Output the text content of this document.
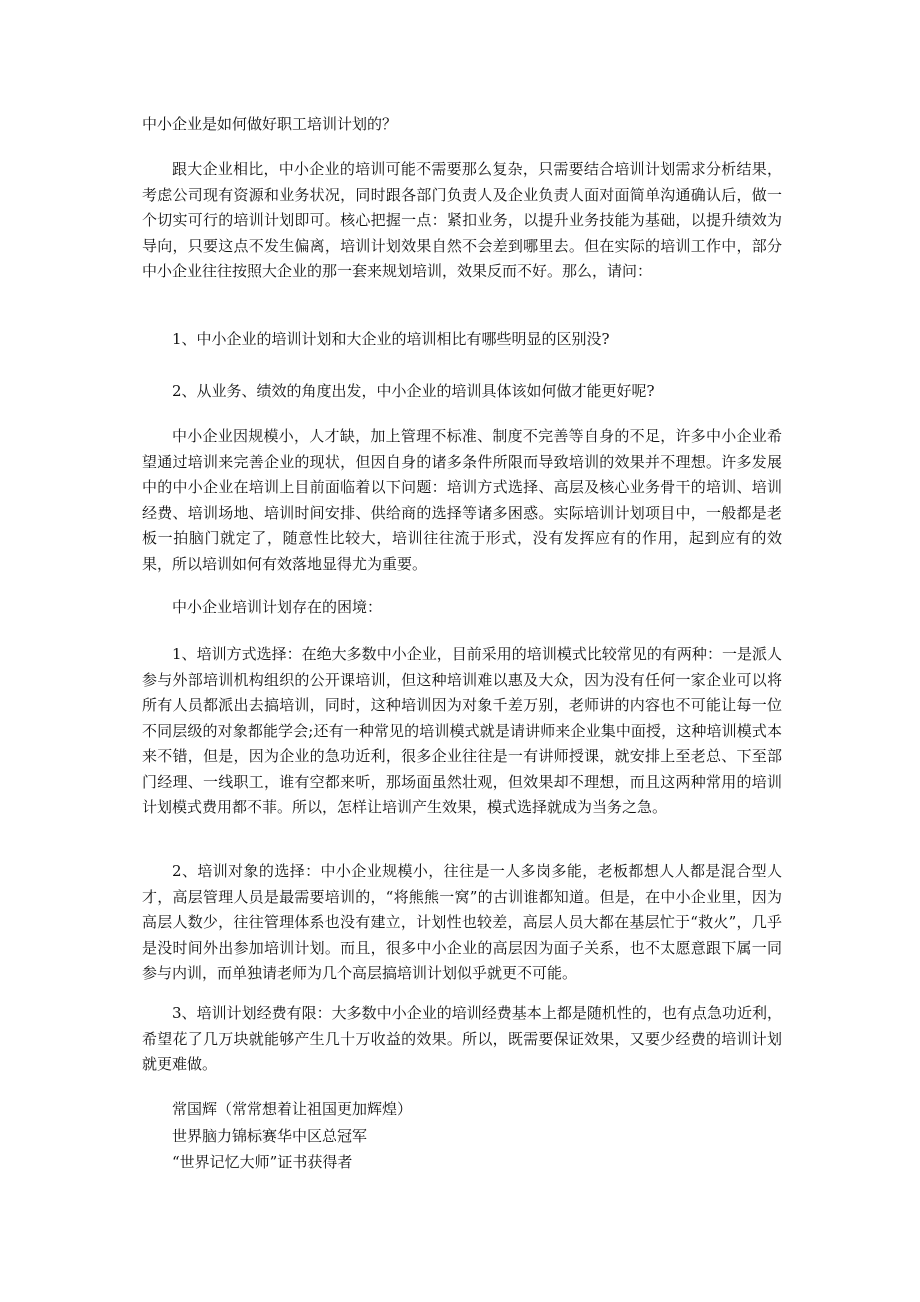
中小企业是如何做好职工培训计划的？

跟大企业相比，中小企业的培训可能不需要那么复杂，只需要结合培训计划需求分析结果，考虑公司现有资源和业务状况，同时跟各部门负责人及企业负责人面对面简单沟通确认后，做一个切实可行的培训计划即可。核心把握一点：紧扣业务，以提升业务技能为基础，以提升绩效为导向，只要这点不发生偏离，培训计划效果自然不会差到哪里去。但在实际的培训工作中，部分中小企业往往按照大企业的那一套来规划培训，效果反而不好。那么，请问：

1、中小企业的培训计划和大企业的培训相比有哪些明显的区别没?

2、从业务、绩效的角度出发，中小企业的培训具体该如何做才能更好呢?

中小企业因规模小，人才缺，加上管理不标准、制度不完善等自身的不足，许多中小企业希望通过培训来完善企业的现状，但因自身的诸多条件所限而导致培训的效果并不理想。许多发展中的中小企业在培训上目前面临着以下问题：培训方式选择、高层及核心业务骨干的培训、培训经费、培训场地、培训时间安排、供给商的选择等诸多困惑。实际培训计划项目中，一般都是老板一拍脑门就定了，随意性比较大，培训往往流于形式，没有发挥应有的作用，起到应有的效果，所以培训如何有效落地显得尤为重要。

中小企业培训计划存在的困境：

1、培训方式选择：在绝大多数中小企业，目前采用的培训模式比较常见的有两种：一是派人参与外部培训机构组织的公开课培训，但这种培训难以惠及大众，因为没有任何一家企业可以将所有人员都派出去搞培训，同时，这种培训因为对象千差万别，老师讲的内容也不可能让每一位不同层级的对象都能学会;还有一种常见的培训模式就是请讲师来企业集中面授，这种培训模式本来不错，但是，因为企业的急功近利，很多企业往往是一有讲师授课，就安排上至老总、下至部门经理、一线职工，谁有空都来听，那场面虽然壮观，但效果却不理想，而且这两种常用的培训计划模式费用都不菲。所以，怎样让培训产生效果，模式选择就成为当务之急。

2、培训对象的选择：中小企业规模小，往往是一人多岗多能，老板都想人人都是混合型人才，高层管理人员是最需要培训的，“将熊熊一窝”的古训谁都知道。但是，在中小企业里，因为高层人数少，往往管理体系也没有建立，计划性也较差，高层人员大都在基层忙于“救火”，几乎是没时间外出参加培训计划。而且，很多中小企业的高层因为面子关系，也不太愿意跟下属一同参与内训，而单独请老师为几个高层搞培训计划似乎就更不可能。

3、培训计划经费有限：大多数中小企业的培训经费基本上都是随机性的，也有点急功近利，希望花了几万块就能够产生几十万收益的效果。所以，既需要保证效果，又要少经费的培训计划就更难做。

常国辉（常常想着让祖国更加辉煌）
世界脑力锦标赛华中区总冠军
“世界记忆大师”证书获得者
